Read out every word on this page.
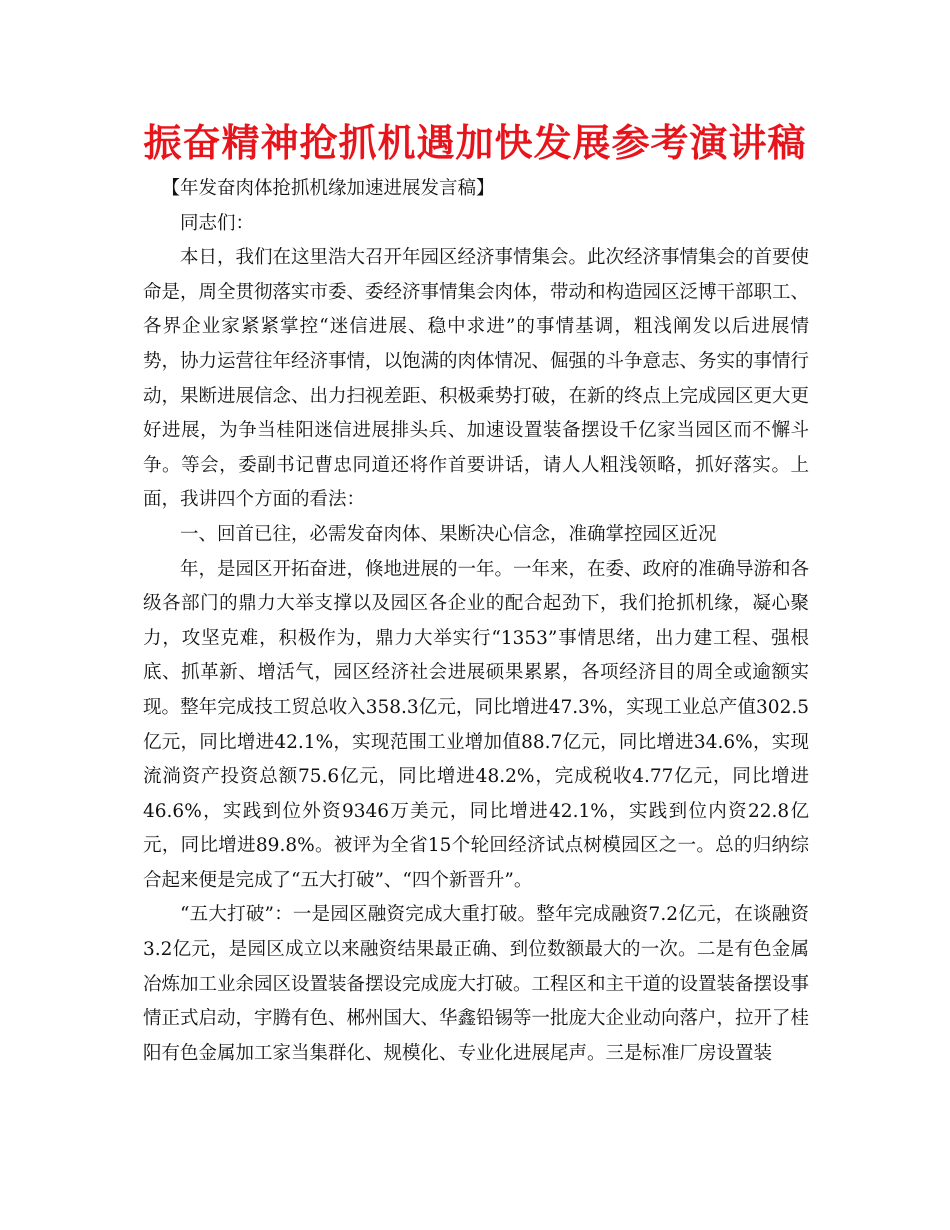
振奋精神抢抓机遇加快发展参考演讲稿

【年发奋肉体抢抓机缘加速进展发言稿】

同志们：

本日，我们在这里浩大召开年园区经济事情集会。此次经济事情集会的首要使命是，周全贯彻落实市委、委经济事情集会肉体，带动和构造园区泛博干部职工、各界企业家紧紧掌控“迷信进展、稳中求进”的事情基调，粗浅阐发以后进展情势，协力运营往年经济事情，以饱满的肉体情况、倔强的斗争意志、务实的事情行动，果断进展信念、出力扫视差距、积极乘势打破，在新的终点上完成园区更大更好进展，为争当桂阳迷信进展排头兵、加速设置装备摆设千亿家当园区而不懈斗争。等会，委副书记曹忠同道还将作首要讲话，请人人粗浅领略，抓好落实。上面，我讲四个方面的看法：

一、回首已往，必需发奋肉体、果断决心信念，准确掌控园区近况

年，是园区开拓奋进，倏地进展的一年。一年来，在委、政府的准确导游和各级各部门的鼎力大举支撑以及园区各企业的配合起劲下，我们抢抓机缘，凝心聚力，攻坚克难，积极作为，鼎力大举实行“1353”事情思绪，出力建工程、强根底、抓革新、增活气，园区经济社会进展硕果累累，各项经济目的周全或逾额实现。整年完成技工贸总收入358.3亿元，同比增进47.3%，实现工业总产值302.5亿元，同比增进42.1%，实现范围工业增加值88.7亿元，同比增进34.6%，实现流淌资产投资总额75.6亿元，同比增进48.2%，完成税收4.77亿元，同比增进46.6%，实践到位外资9346万美元，同比增进42.1%，实践到位内资22.8亿元，同比增进89.8%。被评为全省15个轮回经济试点树模园区之一。总的归纳综合起来便是完成了“五大打破”、“四个新晋升”。

“五大打破”：一是园区融资完成大重打破。整年完成融资7.2亿元，在谈融资3.2亿元，是园区成立以来融资结果最正确、到位数额最大的一次。二是有色金属冶炼加工业余园区设置装备摆设完成庞大打破。工程区和主干道的设置装备摆设事情正式启动，宇腾有色、郴州国大、华鑫铅锡等一批庞大企业动向落户，拉开了桂阳有色金属加工家当集群化、规模化、专业化进展尾声。三是标准厂房设置装
